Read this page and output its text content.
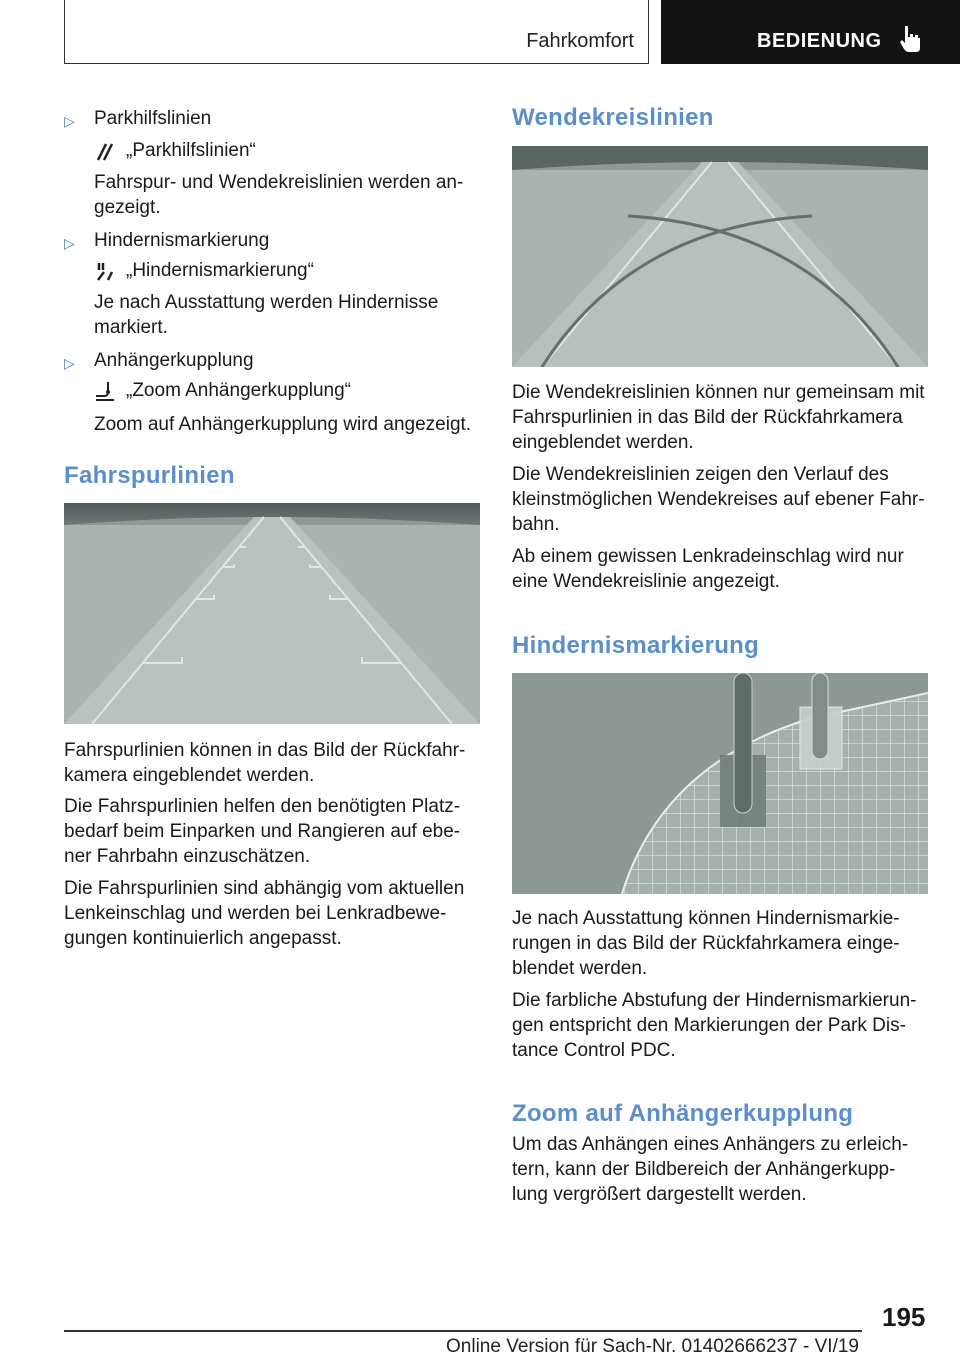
Fahrkomfort	BEDIENUNG
▷ Parkhilfslinien
„Parkhilfslinien“
Fahrspur- und Wendekreislinien werden an-gezeigt.
▷ Hindernismarkierung
„Hindernismarkierung“
Je nach Ausstattung werden Hindernisse markiert.
▷ Anhängerkupplung
„Zoom Anhängerkupplung“
Zoom auf Anhängerkupplung wird angezeigt.
Fahrspurlinien
Fahrspurlinien können in das Bild der Rückfahr-kamera eingeblendet werden.
Die Fahrspurlinien helfen den benötigten Platz-bedarf beim Einparken und Rangieren auf ebe-ner Fahrbahn einzuschätzen.
Die Fahrspurlinien sind abhängig vom aktuellen Lenkeinschlag und werden bei Lenkradbewe-gungen kontinuierlich angepasst.
Wendekreislinien
Die Wendekreislinien können nur gemeinsam mit Fahrspurlinien in das Bild der Rückfahrkamera eingeblendet werden.
Die Wendekreislinien zeigen den Verlauf des kleinstmöglichen Wendekreises auf ebener Fahr-bahn.
Ab einem gewissen Lenkradeinschlag wird nur eine Wendekreislinie angezeigt.
Hindernismarkierung
Je nach Ausstattung können Hindernismarkie-rungen in das Bild der Rückfahrkamera einge-blendet werden.
Die farbliche Abstufung der Hindernismarkierun-gen entspricht den Markierungen der Park Dis-tance Control PDC.
Zoom auf Anhängerkupplung
Um das Anhängen eines Anhängers zu erleich-tern, kann der Bildbereich der Anhängerkupp-lung vergrößert dargestellt werden.
195
Online Version für Sach-Nr. 01402666237 - VI/19
